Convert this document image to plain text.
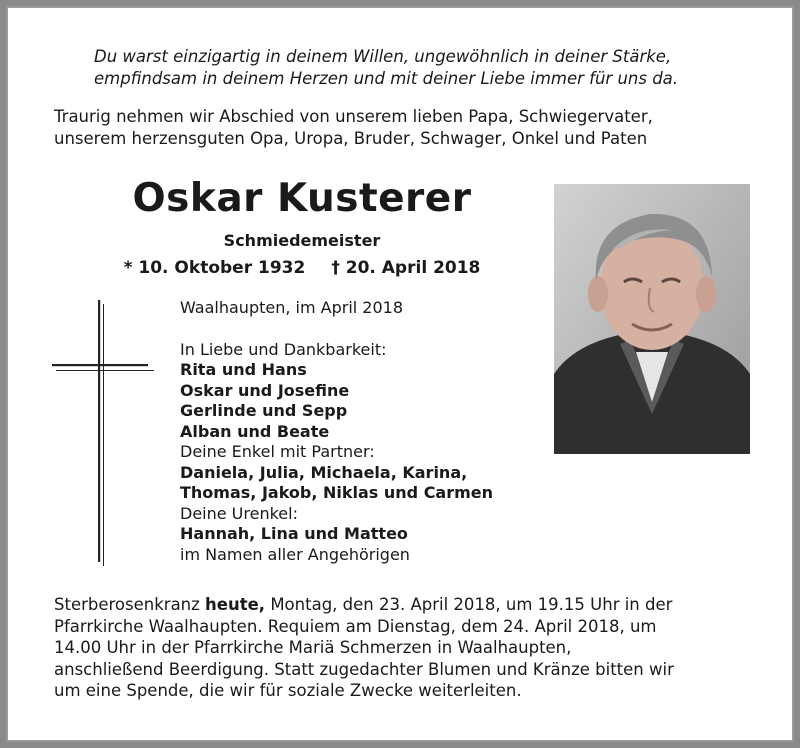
Du warst einzigartig in deinem Willen, ungewöhnlich in deiner Stärke,
empfindsam in deinem Herzen und mit deiner Liebe immer für uns da.
Traurig nehmen wir Abschied von unserem lieben Papa, Schwiegervater,
unserem herzensguten Opa, Uropa, Bruder, Schwager, Onkel und Paten
Oskar Kusterer
Schmiedemeister
* 10. Oktober 1932 † 20. April 2018
Waalhaupten, im April 2018
In Liebe und Dankbarkeit:
Rita und Hans
Oskar und Josefine
Gerlinde und Sepp
Alban und Beate
Deine Enkel mit Partner:
Daniela, Julia, Michaela, Karina,
Thomas, Jakob, Niklas und Carmen
Deine Urenkel:
Hannah, Lina und Matteo
im Namen aller Angehörigen
Sterberosenkranz heute, Montag, den 23. April 2018, um 19.15 Uhr in der
Pfarrkirche Waalhaupten. Requiem am Dienstag, dem 24. April 2018, um
14.00 Uhr in der Pfarrkirche Mariä Schmerzen in Waalhaupten,
anschließend Beerdigung. Statt zugedachter Blumen und Kränze bitten wir
um eine Spende, die wir für soziale Zwecke weiterleiten.
